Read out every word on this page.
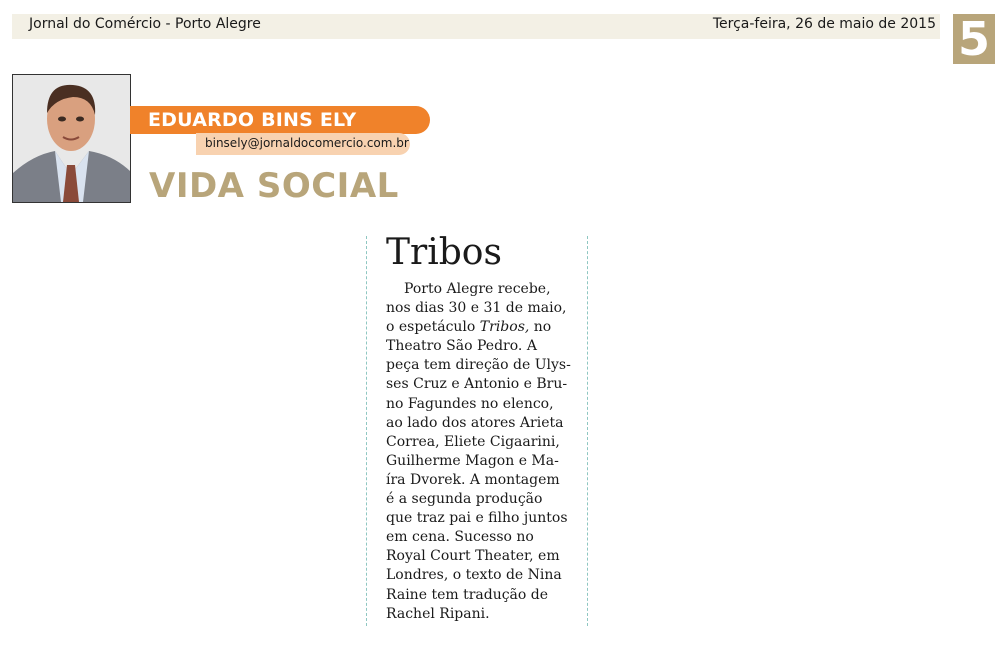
Jornal do Comércio - Porto Alegre	Terça-feira, 26 de maio de 2015 5
EDUARDO BINS ELY
binsely@jornaldocomercio.com.br
VIDA SOCIAL
Tribos
Porto Alegre recebe,
nos dias 30 e 31 de maio,
o espetáculo Tribos, no
Theatro São Pedro. A
peça tem direção de Ulys-
ses Cruz e Antonio e Bru-
no Fagundes no elenco,
ao lado dos atores Arieta
Correa, Eliete Cigaarini,
Guilherme Magon e Ma-
íra Dvorek. A montagem
é a segunda produção
que traz pai e filho juntos
em cena. Sucesso no
Royal Court Theater, em
Londres, o texto de Nina
Raine tem tradução de
Rachel Ripani.
